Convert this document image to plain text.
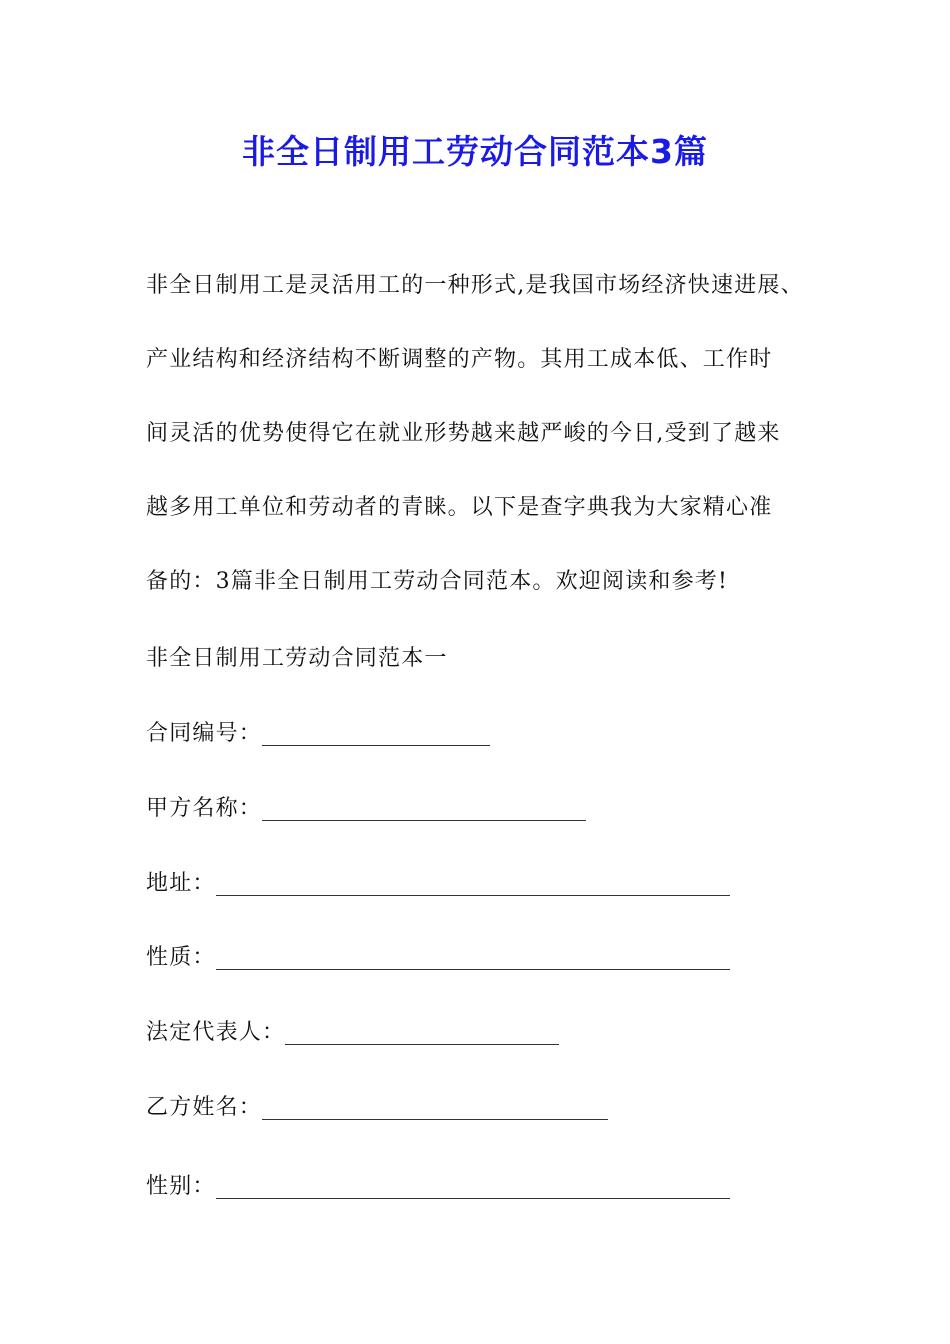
非全日制用工劳动合同范本3篇
非全日制用工是灵活用工的一种形式,是我国市场经济快速进展、
产业结构和经济结构不断调整的产物。其用工成本低、工作时
间灵活的优势使得它在就业形势越来越严峻的今日,受到了越来
越多用工单位和劳动者的青睐。以下是查字典我为大家精心准
备的：3篇非全日制用工劳动合同范本。欢迎阅读和参考!
非全日制用工劳动合同范本一
合同编号：
甲方名称：
地址：
性质：
法定代表人：
乙方姓名：
性别：
